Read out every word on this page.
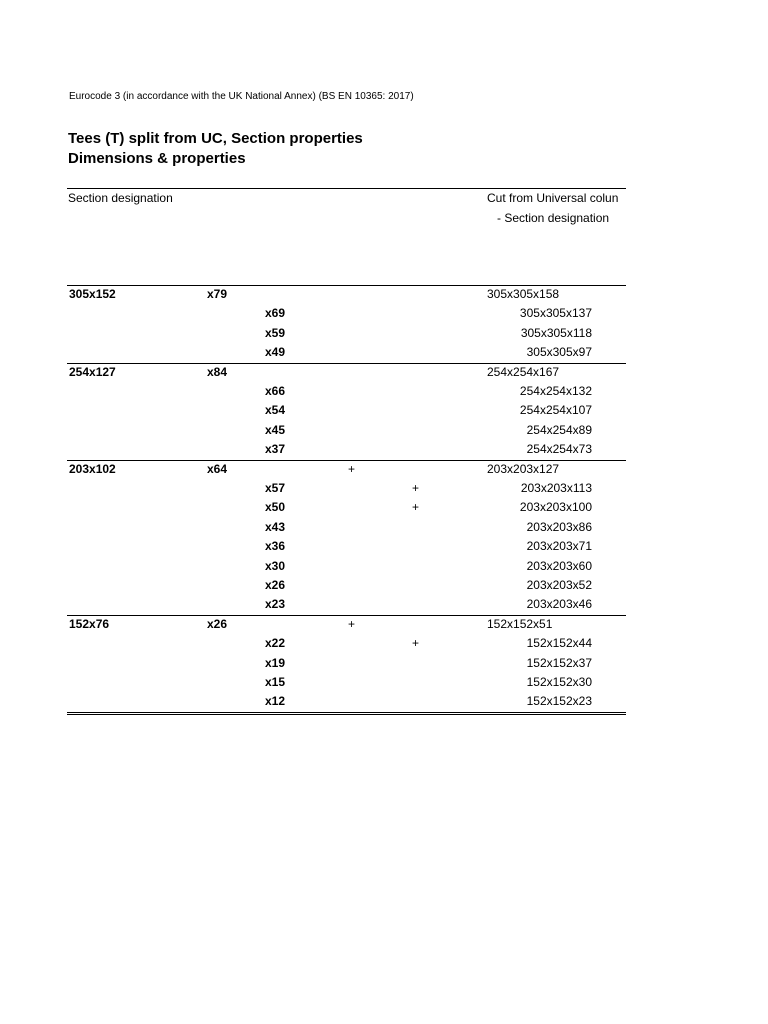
Eurocode 3 (in accordance with the UK National Annex) (BS EN 10365: 2017)
Tees (T) split from UC, Section properties
Dimensions & properties
Section designation	Cut from Universal colun
- Section designation
305x152	x79	305x305x158
x69	305x305x137
x59	305x305x118
x49	305x305x97
254x127	x84	254x254x167
x66	254x254x132
x54	254x254x107
x45	254x254x89
x37	254x254x73
203x102	x64	+	203x203x127
x57	+	203x203x113
x50	+	203x203x100
x43	203x203x86
x36	203x203x71
x30	203x203x60
x26	203x203x52
x23	203x203x46
152x76	x26	+	152x152x51
x22	+	152x152x44
x19	152x152x37
x15	152x152x30
x12	152x152x23
